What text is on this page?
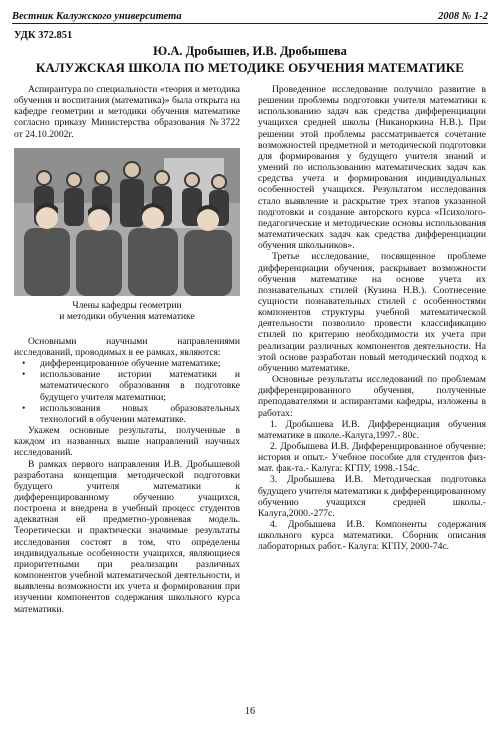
Вестник Калужского университета	2008 № 1-2
УДК 372.851
Ю.А. Дробышев, И.В. Дробышева
КАЛУЖСКАЯ ШКОЛА ПО МЕТОДИКЕ ОБУЧЕНИЯ МАТЕМАТИКЕ

Аспирантура по специальности «теория и методика обучения и воспитания (математика)» была открыта на кафедре геометрии и методики обучения математике согласно приказу Министерства образования №3722 от 24.10.2002г.

Члены кафедры геометрии
и методики обучения математике

Основными научными направлениями исследований, проводимых в ее рамках, являются:

• дифференцированное обучение математике;
• использование истории математики и математического образования в подготовке будущего учителя математики;
• использования новых образовательных технологий в обучении математике.

Укажем основные результаты, полученные в каждом из названных выше направлений научных исследований.

В рамках первого направления И.В. Дробышевой разработана концепция методической подготовки будущего учителя математики к дифференцированному обучению учащихся, построена и внедрена в учебный процесс студентов адекватная ей предметно-уровневая модель. Теоретически и практически значимые результаты исследования состоят в том, что определены индивидуальные особенности учащихся, являющиеся приоритетными при реализации различных компонентов учебной математической деятельности, и выявлены возможности их учета и формирования при изучении компонентов содержания школьного курса математики.

Проведенное исследование получило развитие в решении проблемы подготовки учителя математики к использованию задач как средства дифференциации учащихся средней школы (Никанoркина Н.В.). При решении этой проблемы рассматривается сочетание возможностей предметной и методической подготовки для формирования у будущего учителя знаний и умений по использованию математических задач как средства учета и формирования индивидуальных особенностей учащихся. Результатом исследования стало выявление и раскрытие трех этапов указанной подготовки и создание авторского курса «Психолого-педагогические и методические основы использования математических задач как средства дифференциации обучения школьников».

Третье исследование, посвященное проблеме дифференциации обучения, раскрывает возможности обучения математике на основе учета их познавательных стилей (Кузина Н.В.). Соотнесение сущности познавательных стилей с особенностями компонентов структуры учебной математической деятельности позволило провести классификацию стилей по критерию необходимости их учета при реализации различных компонентов деятельности. На этой основе разработан новый методический подход к обучению математике.

Основные результаты исследований по проблемам дифференцированного обучения, полученные преподавателями и аспирантами кафедры, изложены в работах:

1. Дробышева И.В. Дифференциация обучения математике в школе.-Калуга,1997.- 80с.

2. Дробышева И.В. Дифференцированное обучение: история и опыт.- Учебное пособие для студентов физ-мат. фак-та.- Калуга: КГПУ, 1998.-154с.

3. Дробышева И.В. Методическая подготовка будущего учителя математики к дифференцированному обучению учащихся средней школы.- Калуга,2000.-277с.

4. Дробышева И.В. Компоненты содержания школьного курса математики. Сборник описания лабораторных работ.- Калуга: КГПУ, 2000-74с.

16
